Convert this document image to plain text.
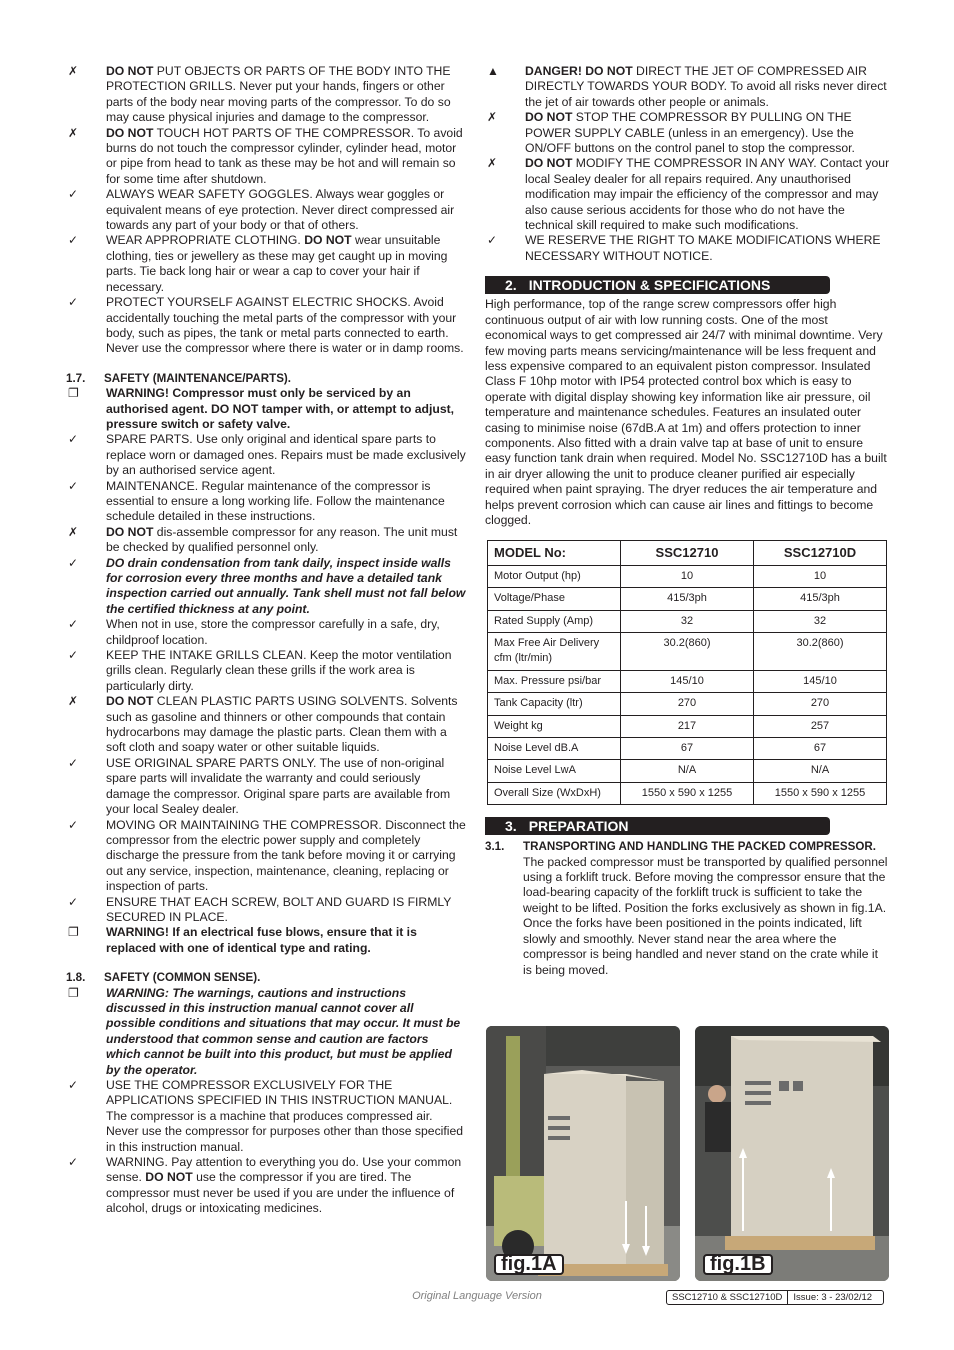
✗	DO NOT PUT OBJECTS OR PARTS OF THE BODY INTO THE PROTECTION GRILLS. Never put your hands, fingers or other parts of the body near moving parts of the compressor. To do so may cause physical injuries and damage to the compressor.
✗	DO NOT TOUCH HOT PARTS OF THE COMPRESSOR. To avoid burns do not touch the compressor cylinder, cylinder head, motor or pipe from head to tank as these may be hot and will remain so for some time after shutdown.
✓	ALWAYS WEAR SAFETY GOGGLES. Always wear goggles or equivalent means of eye protection. Never direct compressed air towards any part of your body or that of others.
✓	WEAR APPROPRIATE CLOTHING. DO NOT wear unsuitable clothing, ties or jewellery as these may get caught up in moving parts. Tie back long hair or wear a cap to cover your hair if necessary.
✓	PROTECT YOURSELF AGAINST ELECTRIC SHOCKS. Avoid accidentally touching the metal parts of the compressor with your body, such as pipes, the tank or metal parts connected to earth. Never use the compressor where there is water or in damp rooms.
1.7.	SAFETY (MAINTENANCE/PARTS).
❐	WARNING! Compressor must only be serviced by an authorised agent. DO NOT tamper with, or attempt to adjust, pressure switch or safety valve.
✓	SPARE PARTS. Use only original and identical spare parts to replace worn or damaged ones. Repairs must be made exclusively by an authorised service agent.
✓	MAINTENANCE. Regular maintenance of the compressor is essential to ensure a long working life. Follow the maintenance schedule detailed in these instructions.
✗	DO NOT dis-assemble compressor for any reason. The unit must be checked by qualified personnel only.
✓	DO drain condensation from tank daily, inspect inside walls for corrosion every three months and have a detailed tank inspection carried out annually. Tank shell must not fall below the certified thickness at any point.
✓	When not in use, store the compressor carefully in a safe, dry, childproof location.
✓	KEEP THE INTAKE GRILLS CLEAN. Keep the motor ventilation grills clean. Regularly clean these grills if the work area is particularly dirty.
✗	DO NOT CLEAN PLASTIC PARTS USING SOLVENTS. Solvents such as gasoline and thinners or other compounds that contain hydrocarbons may damage the plastic parts. Clean them with a soft cloth and soapy water or other suitable liquids.
✓	USE ORIGINAL SPARE PARTS ONLY. The use of non-original spare parts will invalidate the warranty and could seriously damage the compressor. Original spare parts are available from your local Sealey dealer.
✓	MOVING OR MAINTAINING THE COMPRESSOR. Disconnect the compressor from the electric power supply and completely discharge the pressure from the tank before moving it or carrying out any service, inspection, maintenance, cleaning, replacing or inspection of parts.
✓	ENSURE THAT EACH SCREW, BOLT AND GUARD IS FIRMLY SECURED IN PLACE.
❐	WARNING! If an electrical fuse blows, ensure that it is replaced with one of identical type and rating.
1.8.	SAFETY (COMMON SENSE).
❐	WARNING: The warnings, cautions and instructions discussed in this instruction manual cannot cover all possible conditions and situations that may occur. It must be understood that common sense and caution are factors which cannot be built into this product, but must be applied by the operator.
✓	USE THE COMPRESSOR EXCLUSIVELY FOR THE APPLICATIONS SPECIFIED IN THIS INSTRUCTION MANUAL. The compressor is a machine that produces compressed air. Never use the compressor for purposes other than those specified in this instruction manual.
✓	WARNING. Pay attention to everything you do. Use your common sense. DO NOT use the compressor if you are tired. The compressor must never be used if you are under the influence of alcohol, drugs or intoxicating medicines.
▲	DANGER! DO NOT DIRECT THE JET OF COMPRESSED AIR DIRECTLY TOWARDS YOUR BODY. To avoid all risks never direct the jet of air towards other people or animals.
✗	DO NOT STOP THE COMPRESSOR BY PULLING ON THE POWER SUPPLY CABLE (unless in an emergency). Use the ON/OFF buttons on the control panel to stop the compressor.
✗	DO NOT MODIFY THE COMPRESSOR IN ANY WAY. Contact your local Sealey dealer for all repairs required. Any unauthorised modification may impair the efficiency of the compressor and may also cause serious accidents for those who do not have the technical skill required to make such modifications.
✓	WE RESERVE THE RIGHT TO MAKE MODIFICATIONS WHERE NECESSARY WITHOUT NOTICE.
2. INTRODUCTION & SPECIFICATIONS
High performance, top of the range screw compressors offer high continuous output of air with low running costs. One of the most economical ways to get compressed air 24/7 with minimal downtime. Very few moving parts means servicing/maintenance will be less frequent and less expensive compared to an equivalent piston compressor. Insulated Class F 10hp motor with IP54 protected control box which is easy to operate with digital display showing key information like air pressure, oil temperature and maintenance schedules. Features an insulated outer casing to minimise noise (67dB.A at 1m) and offers protection to inner components. Also fitted with a drain valve tap at base of unit to ensure easy function tank drain when required. Model No. SSC12710D has a built in air dryer allowing the unit to produce cleaner purified air especially required when paint spraying. The dryer reduces the air temperature and helps prevent corrosion which can cause air lines and fittings to become clogged.
MODEL No:	SSC12710	SSC12710D
Motor Output (hp)	10	10
Voltage/Phase	415/3ph	415/3ph
Rated Supply (Amp)	32	32
Max Free Air Delivery cfm (ltr/min)	30.2(860)	30.2(860)
Max. Pressure psi/bar	145/10	145/10
Tank Capacity (ltr)	270	270
Weight kg	217	257
Noise Level dB.A	67	67
Noise Level LwA	N/A	N/A
Overall Size (WxDxH)	1550 x 590 x 1255	1550 x 590 x 1255
3. PREPARATION
3.1.	TRANSPORTING AND HANDLING THE PACKED COMPRESSOR.
The packed compressor must be transported by qualified personnel using a forklift truck. Before moving the compressor ensure that the load-bearing capacity of the forklift truck is sufficient to take the weight to be lifted. Position the forks exclusively as shown in fig.1A. Once the forks have been positioned in the points indicated, lift slowly and smoothly. Never stand near the area where the compressor is being handled and never stand on the crate while it is being moved.
fig.1A	fig.1B
Original Language Version	SSC12710 & SSC12710D	Issue: 3 - 23/02/12
